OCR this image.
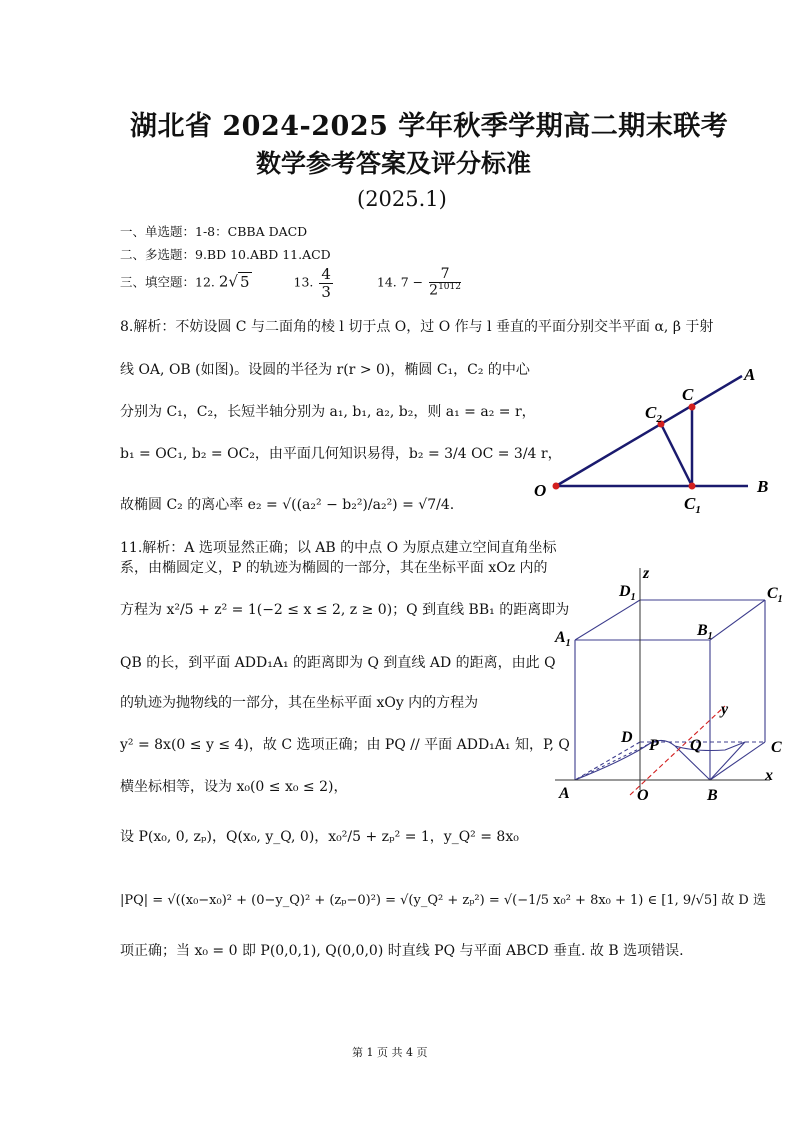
湖北省 2024-2025 学年秋季学期高二期末联考
数学参考答案及评分标准
(2025.1)
一、单选题：1-8：CBBA DACD
二、多选题：9.BD 10.ABD 11.ACD
三、填空题：12. 2√ 5	13. $\frac{4}{3}$	14. $7 - \frac{7}{2^{1012}}$
8.解析：不妨设圆 C 与二面角的棱 l 切于点 O，过 O 作与 l 垂直的平面分别交半平面 α, β 于射
线 OA, OB (如图)。设圆的半径为 r(r > 0)，椭圆 C₁，C₂ 的中心
分别为 C₁，C₂，长短半轴分别为 a₁, b₁, a₂, b₂，则 a₁ = a₂ = r，
b₁ = OC₁, b₂ = OC₂，由平面几何知识易得，b₂ = 3/4 OC = 3/4 r，
故椭圆 C₂ 的离心率 e₂ = √((a₂² − b₂²)/a₂²) = √7/4.
A
C
$C_2$
O
$C_1$
B
11.解析：A 选项显然正确；以 AB 的中点 O 为原点建立空间直角坐标
系，由椭圆定义，P 的轨迹为椭圆的一部分，其在坐标平面 xOz 内的
方程为 x²/5 + z² = 1(−2 ≤ x ≤ 2, z ≥ 0)；Q 到直线 BB₁ 的距离即为
QB 的长，到平面 ADD₁A₁ 的距离即为 Q 到直线 AD 的距离，由此 Q
的轨迹为抛物线的一部分，其在坐标平面 xOy 内的方程为
y² = 8x(0 ≤ y ≤ 4)，故 C 选项正确；由 PQ // 平面 ADD₁A₁ 知，P, Q
横坐标相等，设为 x₀(0 ≤ x₀ ≤ 2)，
设 P(x₀, 0, zₚ)，Q(x₀, y_Q, 0)，x₀²/5 + zₚ² = 1，y_Q² = 8x₀
|PQ| = √((x₀−x₀)² + (0−y_Q)² + (zₚ−0)²) = √(y_Q² + zₚ²) = √(−1/5 x₀² + 8x₀ + 1) ∈ [1, 9/√5] 故 D 选
项正确；当 x₀ = 0 即 P(0,0,1), Q(0,0,0) 时直线 PQ 与平面 ABCD 垂直. 故 B 选项错误.
z
$D_1$	$C_1$
$A_1$
$B_1$
y
D P Q	C
x
A	O	B
第 1 页 共 4 页
